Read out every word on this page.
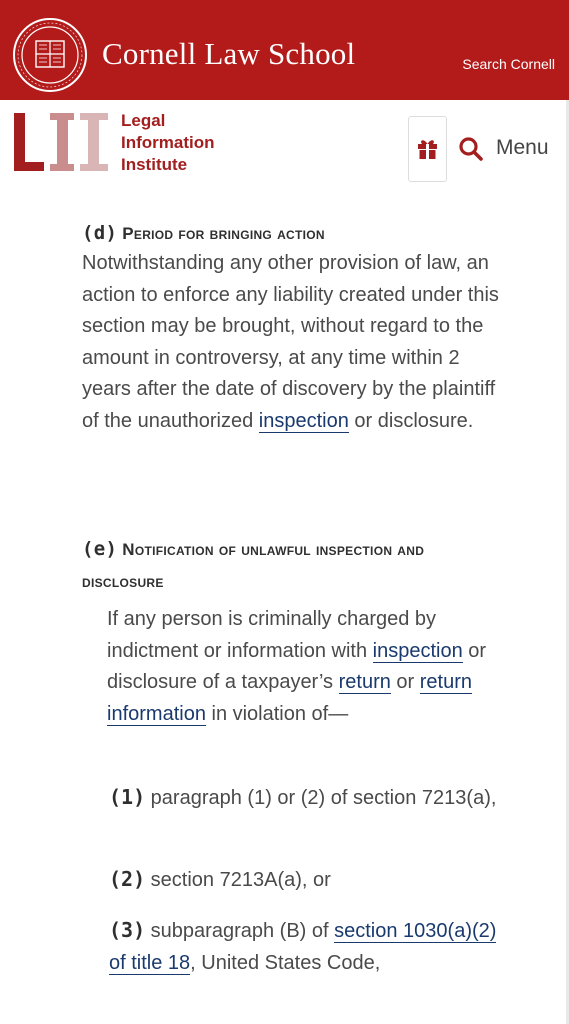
Cornell Law School	Search Cornell
Legal
Information
Institute
Menu
(d) Period for bringing action
Notwithstanding any other provision of law, an action to enforce any liability created under this section may be brought, without regard to the amount in controversy, at any time within 2 years after the date of discovery by the plaintiff of the unauthorized inspection or disclosure.
(e) Notification of unlawful inspection and
disclosure
If any person is criminally charged by indictment or information with inspection or disclosure of a taxpayer’s return or return information in violation of—
(1) paragraph (1) or (2) of section 7213(a),
(2) section 7213A(a), or
(3) subparagraph (B) of section 1030(a)(2) of title 18, United States Code,
